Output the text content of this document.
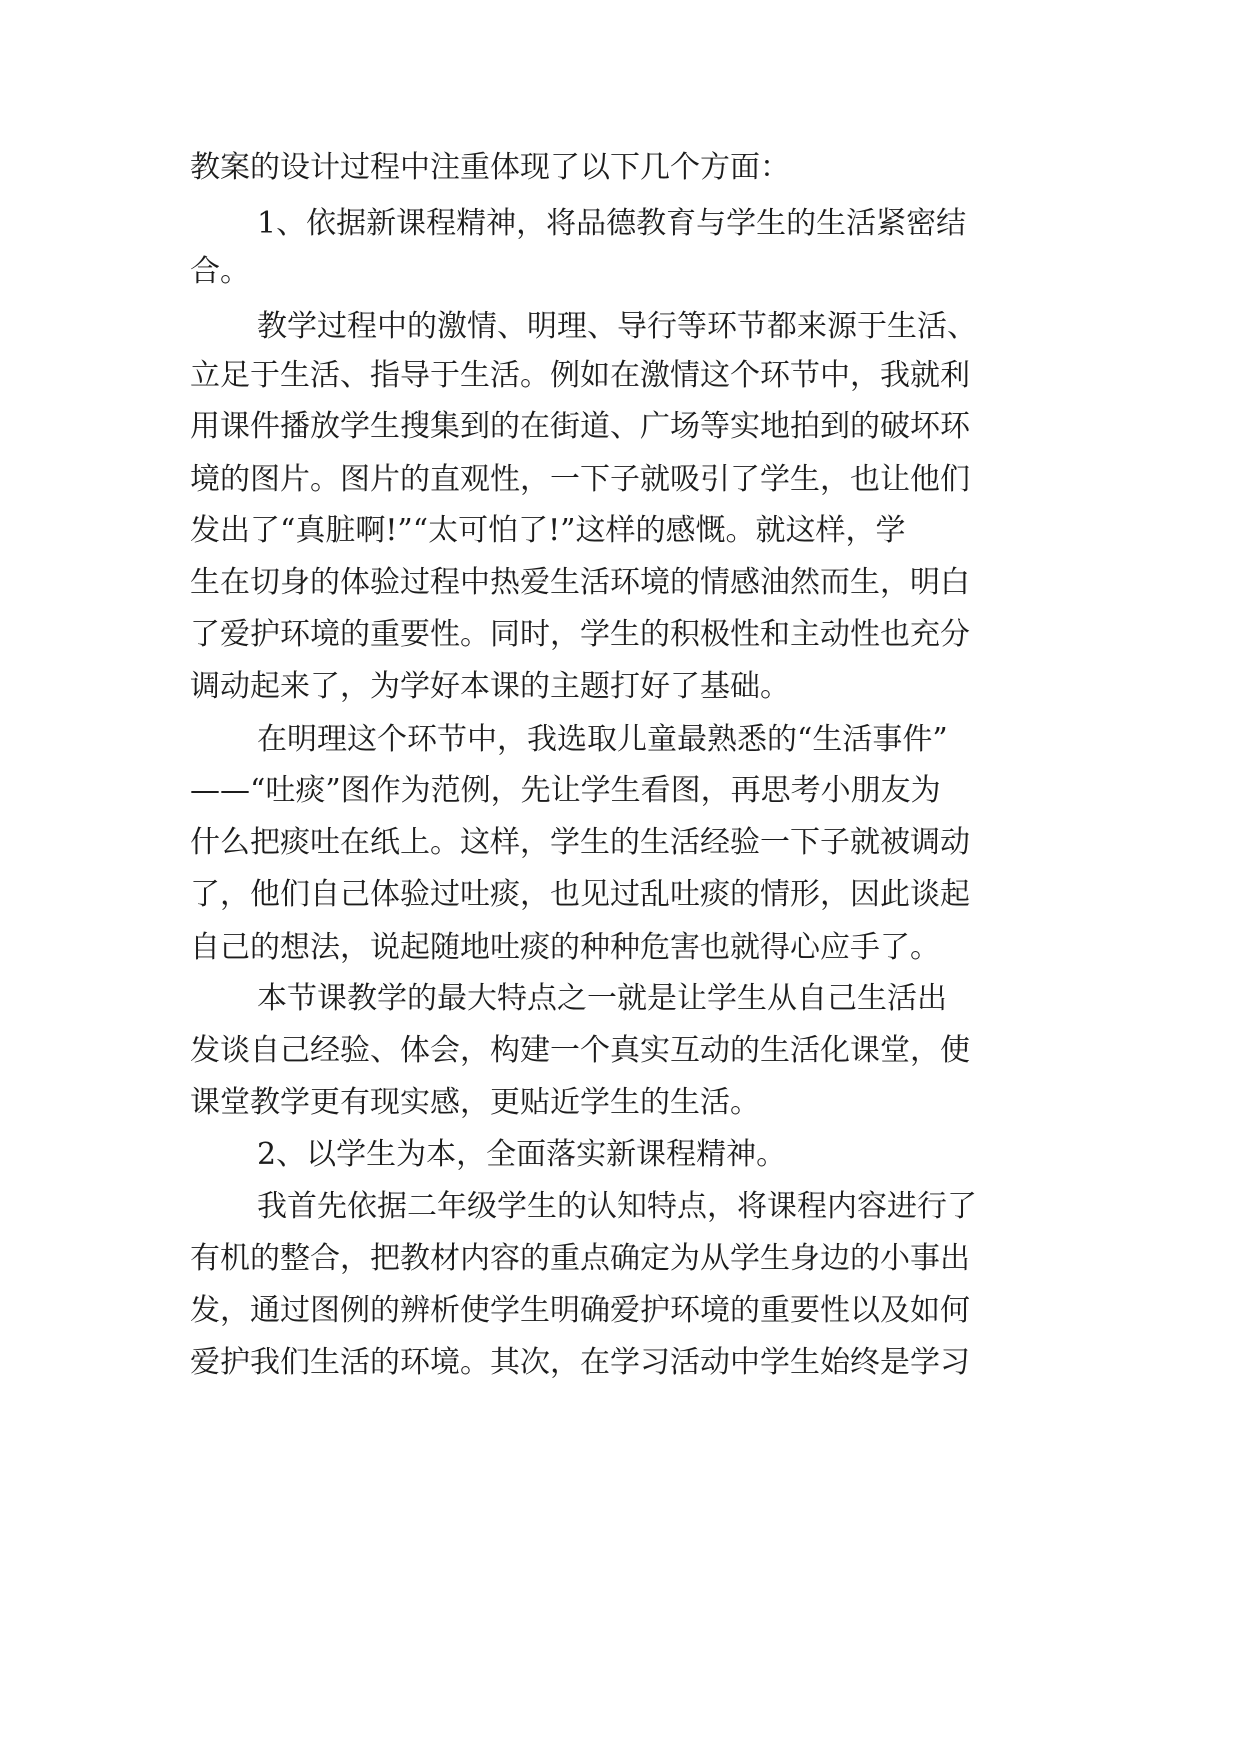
教案的设计过程中注重体现了以下几个方面：
1、依据新课程精神，将品德教育与学生的生活紧密结
合。
教学过程中的激情、明理、导行等环节都来源于生活、
立足于生活、指导于生活。例如在激情这个环节中，我就利
用课件播放学生搜集到的在街道、广场等实地拍到的破坏环
境的图片。图片的直观性，一下子就吸引了学生，也让他们
发出了“真脏啊!”“太可怕了!”这样的感慨。就这样，学
生在切身的体验过程中热爱生活环境的情感油然而生，明白
了爱护环境的重要性。同时，学生的积极性和主动性也充分
调动起来了，为学好本课的主题打好了基础。
在明理这个环节中，我选取儿童最熟悉的“生活事件”
——“吐痰”图作为范例，先让学生看图，再思考小朋友为
什么把痰吐在纸上。这样，学生的生活经验一下子就被调动
了，他们自己体验过吐痰，也见过乱吐痰的情形，因此谈起
自己的想法，说起随地吐痰的种种危害也就得心应手了。
本节课教学的最大特点之一就是让学生从自己生活出
发谈自己经验、体会，构建一个真实互动的生活化课堂，使
课堂教学更有现实感，更贴近学生的生活。
2、以学生为本，全面落实新课程精神。
我首先依据二年级学生的认知特点，将课程内容进行了
有机的整合，把教材内容的重点确定为从学生身边的小事出
发，通过图例的辨析使学生明确爱护环境的重要性以及如何
爱护我们生活的环境。其次，在学习活动中学生始终是学习
